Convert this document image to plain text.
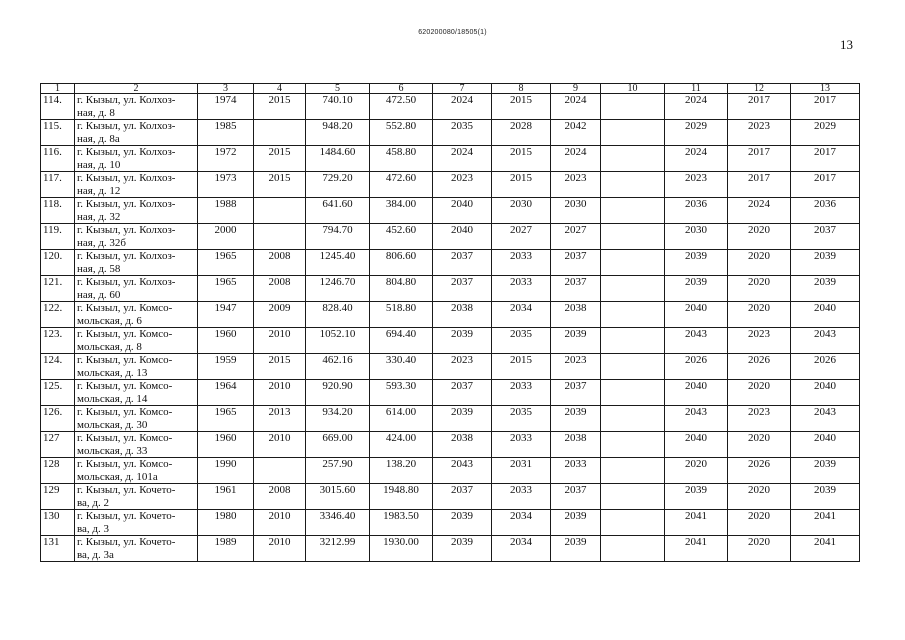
620200080/18505(1)
13
1	2	3	4	5	6	7	8	9	10	11	12	13
114.	г. Кызыл, ул. Колхоз-
ная, д. 8	1974	2015	740.10	472.50	2024	2015	2024		2024	2017	2017
115.	г. Кызыл, ул. Колхоз-
ная, д. 8а	1985		948.20	552.80	2035	2028	2042		2029	2023	2029
116.	г. Кызыл, ул. Колхоз-
ная, д. 10	1972	2015	1484.60	458.80	2024	2015	2024		2024	2017	2017
117.	г. Кызыл, ул. Колхоз-
ная, д. 12	1973	2015	729.20	472.60	2023	2015	2023		2023	2017	2017
118.	г. Кызыл, ул. Колхоз-
ная, д. 32	1988		641.60	384.00	2040	2030	2030		2036	2024	2036
119.	г. Кызыл, ул. Колхоз-
ная, д. 32б	2000		794.70	452.60	2040	2027	2027		2030	2020	2037
120.	г. Кызыл, ул. Колхоз-
ная, д. 58	1965	2008	1245.40	806.60	2037	2033	2037		2039	2020	2039
121.	г. Кызыл, ул. Колхоз-
ная, д. 60	1965	2008	1246.70	804.80	2037	2033	2037		2039	2020	2039
122.	г. Кызыл, ул. Комсо-
мольская, д. 6	1947	2009	828.40	518.80	2038	2034	2038		2040	2020	2040
123.	г. Кызыл, ул. Комсо-
мольская, д. 8	1960	2010	1052.10	694.40	2039	2035	2039		2043	2023	2043
124.	г. Кызыл, ул. Комсо-
мольская, д. 13	1959	2015	462.16	330.40	2023	2015	2023		2026	2026	2026
125.	г. Кызыл, ул. Комсо-
мольская, д. 14	1964	2010	920.90	593.30	2037	2033	2037		2040	2020	2040
126.	г. Кызыл, ул. Комсо-
мольская, д. 30	1965	2013	934.20	614.00	2039	2035	2039		2043	2023	2043
127	г. Кызыл, ул. Комсо-
мольская, д. 33	1960	2010	669.00	424.00	2038	2033	2038		2040	2020	2040
128	г. Кызыл, ул. Комсо-
мольская, д. 101а	1990		257.90	138.20	2043	2031	2033		2020	2026	2039
129	г. Кызыл, ул. Кочето-
ва, д. 2	1961	2008	3015.60	1948.80	2037	2033	2037		2039	2020	2039
130	г. Кызыл, ул. Кочето-
ва, д. 3	1980	2010	3346.40	1983.50	2039	2034	2039		2041	2020	2041
131	г. Кызыл, ул. Кочето-
ва, д. 3а	1989	2010	3212.99	1930.00	2039	2034	2039		2041	2020	2041
